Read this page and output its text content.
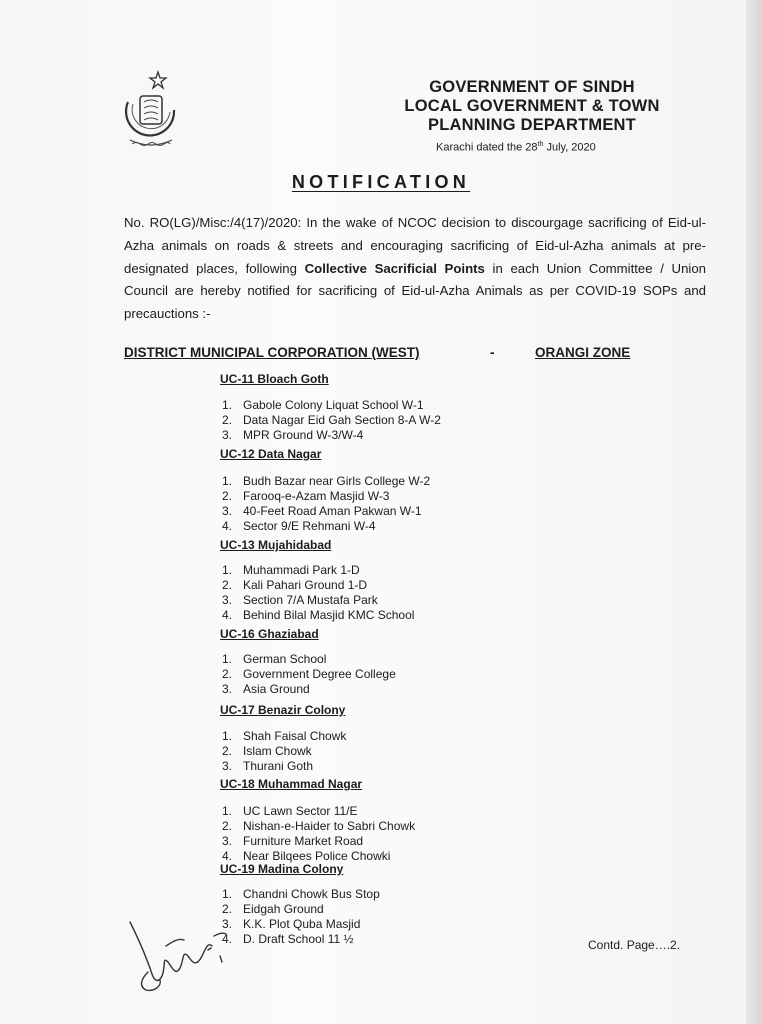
GOVERNMENT OF SINDH
LOCAL GOVERNMENT & TOWN
PLANNING DEPARTMENT
Karachi dated the 28th July, 2020
NOTIFICATION
No. RO(LG)/Misc:/4(17)/2020: In the wake of NCOC decision to discourgage sacrificing of Eid-ul-Azha animals on roads & streets and encouraging sacrificing of Eid-ul-Azha animals at pre-designated places, following Collective Sacrificial Points in each Union Committee / Union Council are hereby notified for sacrificing of Eid-ul-Azha Animals as per COVID-19 SOPs and precauctions :-
DISTRICT MUNICIPAL CORPORATION (WEST)	-	ORANGI ZONE
UC-11 Bloach Goth
1. Gabole Colony Liquat School W-1
2. Data Nagar Eid Gah Section 8-A W-2
3. MPR Ground W-3/W-4
UC-12 Data Nagar
1. Budh Bazar near Girls College W-2
2. Farooq-e-Azam Masjid W-3
3. 40-Feet Road Aman Pakwan W-1
4. Sector 9/E Rehmani W-4
UC-13 Mujahidabad
1. Muhammadi Park 1-D
2. Kali Pahari Ground 1-D
3. Section 7/A Mustafa Park
4. Behind Bilal Masjid KMC School
UC-16 Ghaziabad
1. German School
2. Government Degree College
3. Asia Ground
UC-17 Benazir Colony
1. Shah Faisal Chowk
2. Islam Chowk
3. Thurani Goth
UC-18 Muhammad Nagar
1. UC Lawn Sector 11/E
2. Nishan-e-Haider to Sabri Chowk
3. Furniture Market Road
4. Near Bilqees Police Chowki
UC-19 Madina Colony
1. Chandni Chowk Bus Stop
2. Eidgah Ground
3. K.K. Plot Quba Masjid
4. D. Draft School 11 ½	Contd. Page….2.
